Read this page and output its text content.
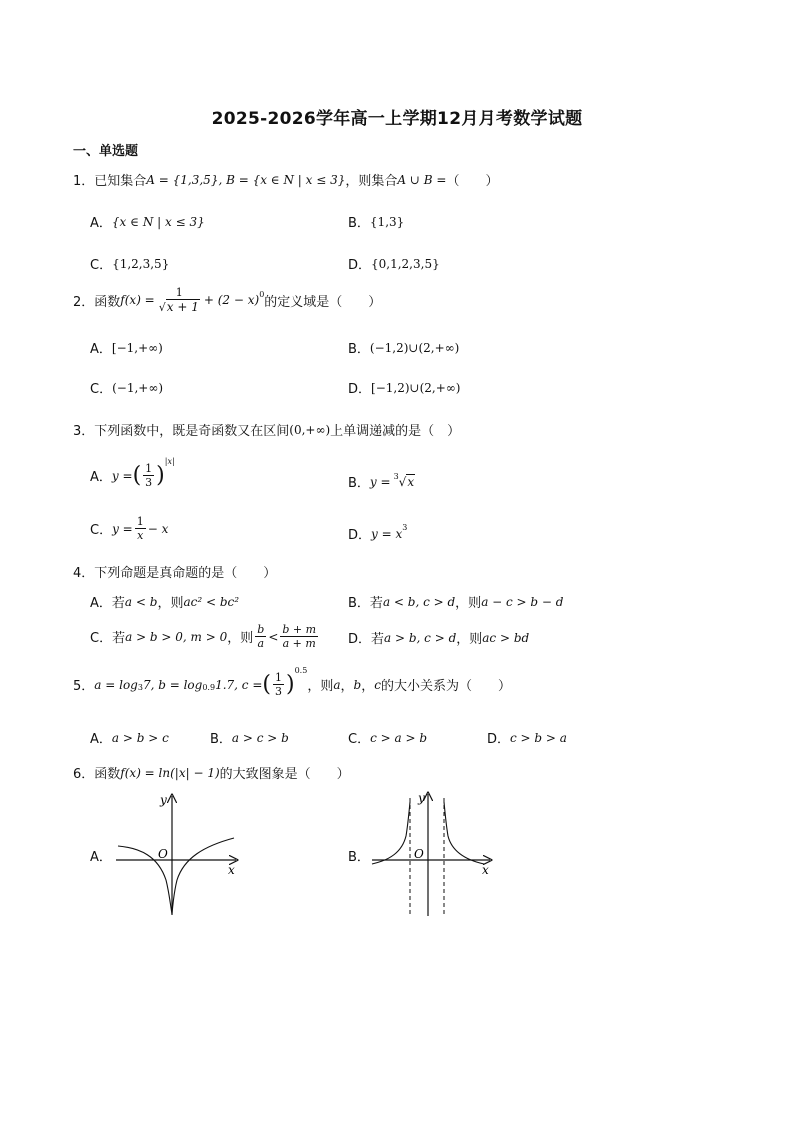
2025-2026学年高一上学期12月月考数学试题
一、单选题
1． 已知集合 A = {1,3,5}, B = {x ∈ N | x ≤ 3} ，则集合 A ∪ B = （　　）
A． {x ∈ N | x ≤ 3}	B． {1,3}
C． {1,2,3,5}	D． {0,1,2,3,5}
2． 函数 $f(x) = \frac{1}{√x + 1} + (2 - x)$ 0
的定义域是（　　）
A． [−1,+∞)	B． (−1,2)∪(2,+∞)
C． (−1,+∞)	D． [−1,2)∪(2,+∞)
3． 下列函数中，既是奇函数又在区间 (0,+∞) 上单调递减的是（　）
A． y = ( $\frac{1}{3}$ )
|x|
B． y = 3 √ x
C． $y = \frac{1}{x} - x$	D． y = x 3
4． 下列命题是真命题的是（　　）
A． 若 a < b ，则 ac² < bc²	B． 若 a < b, c > d ，则 a − c > b − d
C． 若 a > b > 0, m > 0 ，则 $\frac{b}{a} < \frac{b + m}{a + m}$ D． 若 a > b, c > d ，则 ac > bd
5． a = log 3 7, b = log 0.9 1.7, c = ( $\frac{1}{3}$ )
0.5
，则 a ， b ， c 的大小关系为（　　）
A． a > b > c	B． a > c > b	C． c > a > b	D． c > b > a
6． 函数 f(x) = ln(|x| − 1) 的大致图象是（　　）
A．	O
x
y
B．	O
x
y
